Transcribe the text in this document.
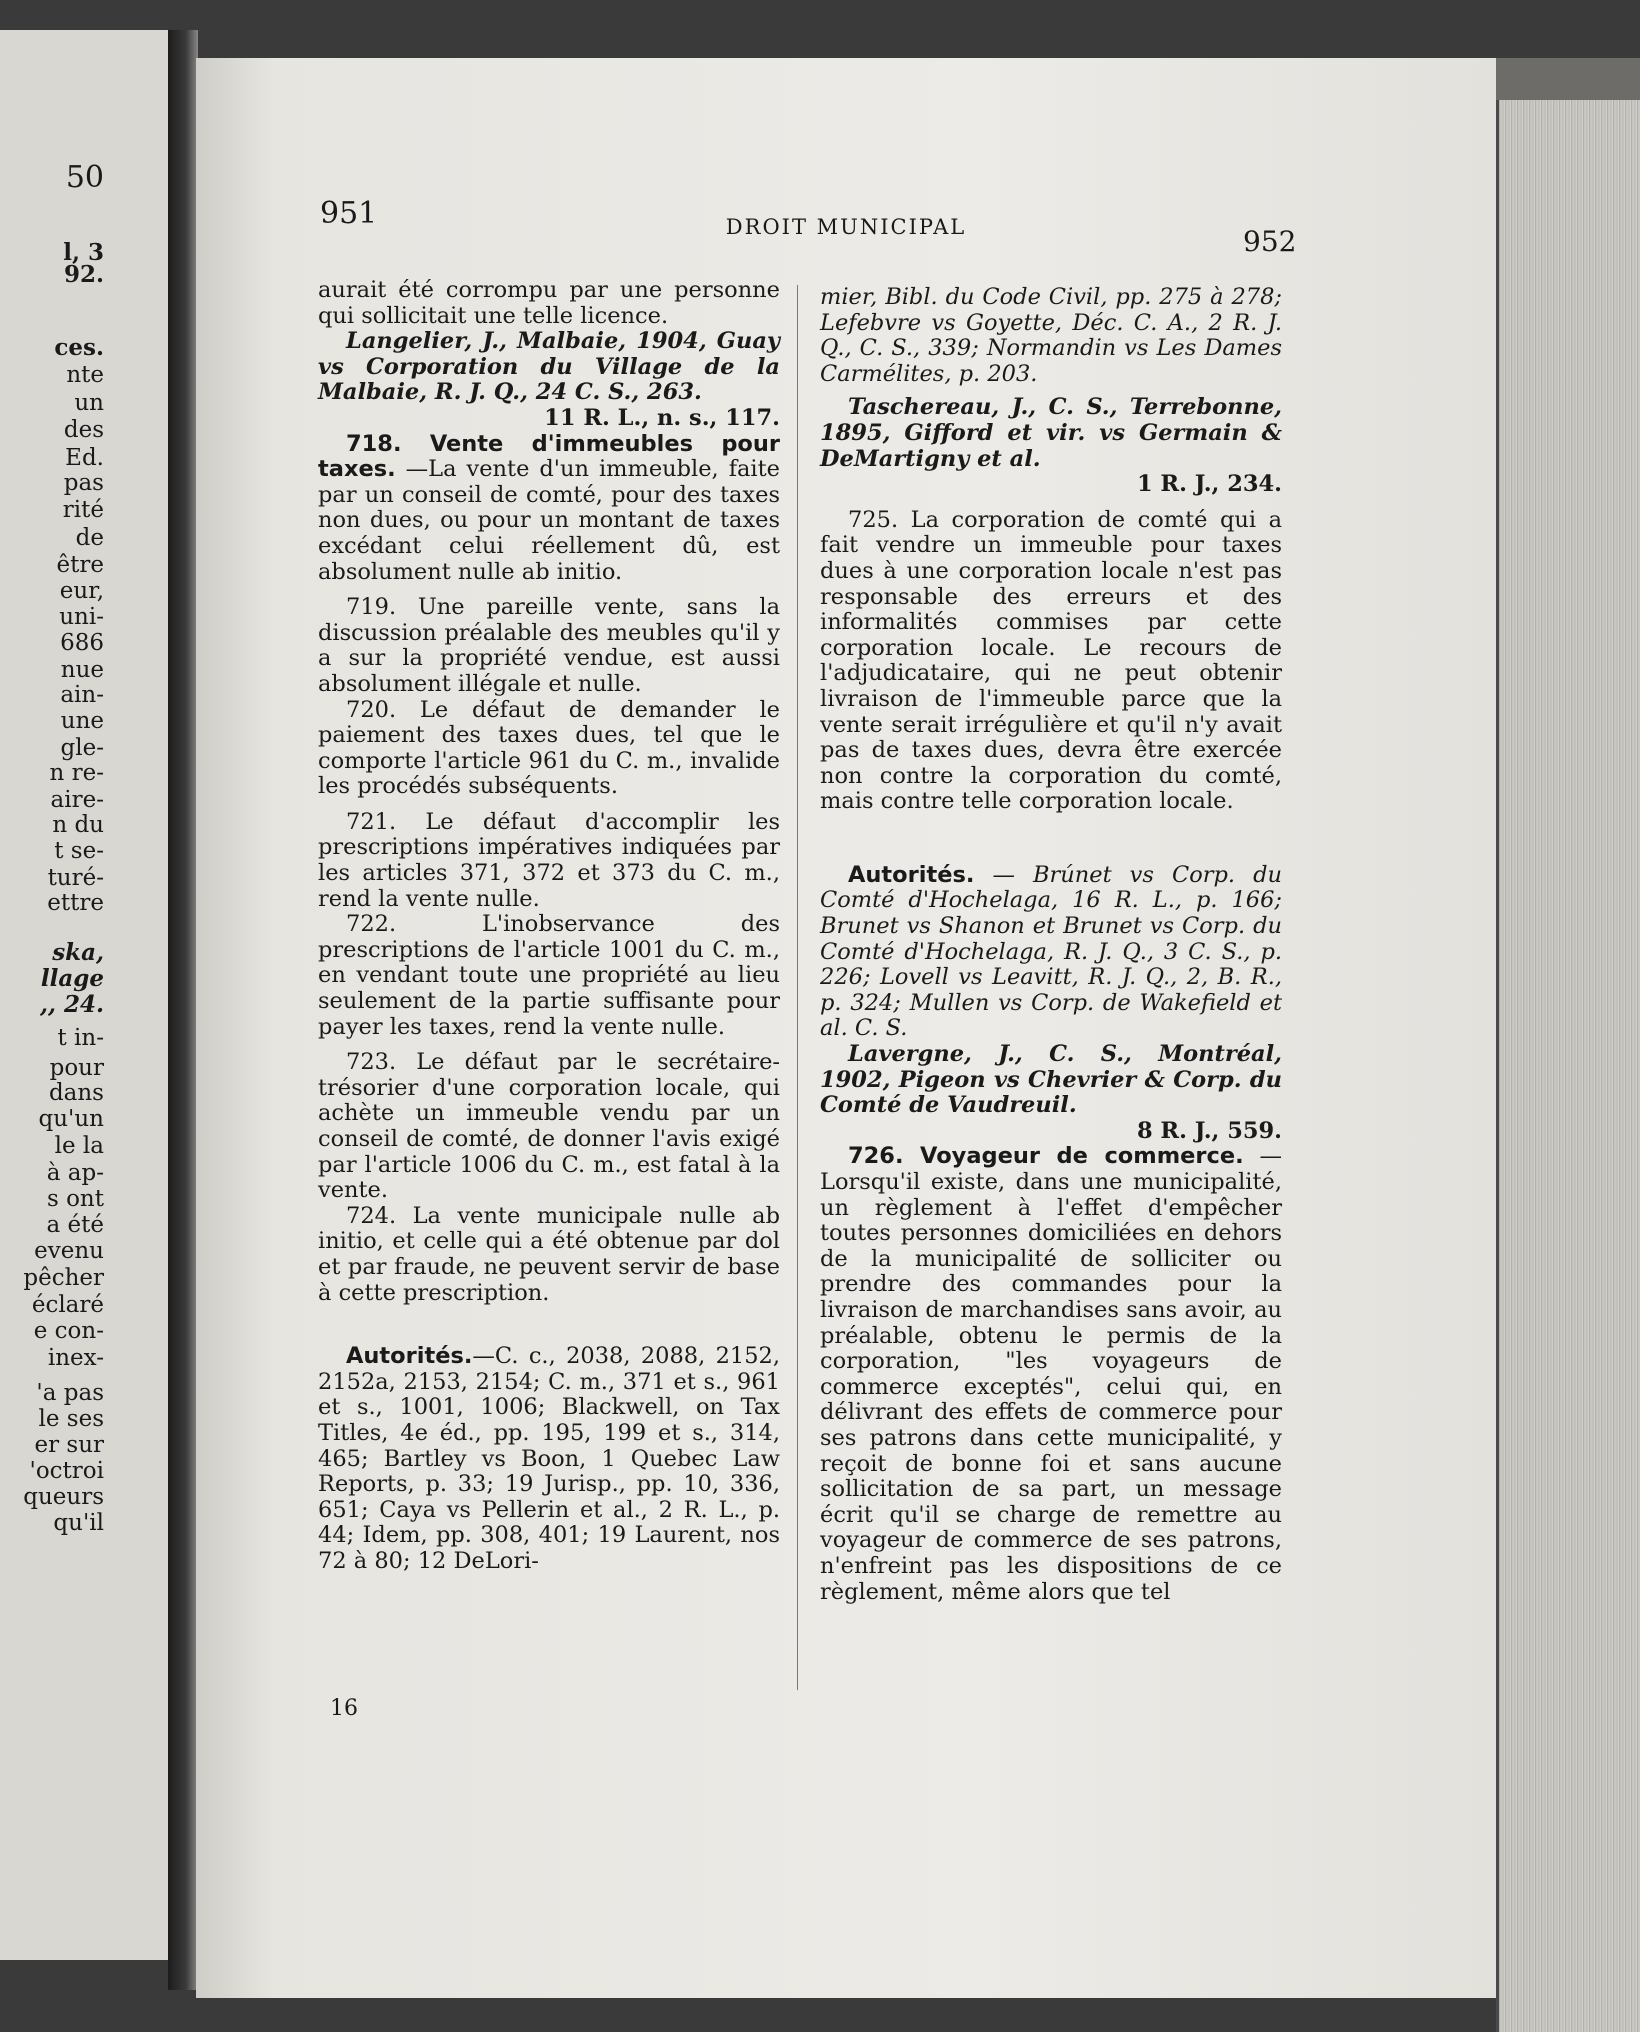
50
l, 3
92.
ces.
nte
un
des
Ed.
pas
rité
de
être
eur,
uni-
686
nue
ain-
une
gle-
n re-
aire-
n du
t se-
turé-
ettre
ska,
llage
,, 24.
t in-
pour
dans
qu'un
le la
à ap-
s ont
a été
evenu
pêcher
éclaré
e con-
inex-
'a pas
le ses
er sur
'octroi
queurs
qu'il
951	DROIT MUNICIPAL	952

aurait été corrompu par une personne qui sollicitait une telle licence.

Langelier, J., Malbaie, 1904, Guay vs Corporation du Village de la Malbaie, R. J. Q., 24 C. S., 263.

11 R. L., n. s., 117.

718. Vente d'immeubles pour taxes. —La vente d'un immeuble, faite par un conseil de comté, pour des taxes non dues, ou pour un montant de taxes excédant celui réellement dû, est absolument nulle ab initio.

719. Une pareille vente, sans la discussion préalable des meubles qu'il y a sur la propriété vendue, est aussi absolument illégale et nulle.

720. Le défaut de demander le paiement des taxes dues, tel que le comporte l'article 961 du C. m., invalide les procédés subséquents.

721. Le défaut d'accomplir les prescriptions impératives indiquées par les articles 371, 372 et 373 du C. m., rend la vente nulle.

722. L'inobservance des prescriptions de l'article 1001 du C. m., en vendant toute une propriété au lieu seulement de la partie suffisante pour payer les taxes, rend la vente nulle.

723. Le défaut par le secrétaire-trésorier d'une corporation locale, qui achète un immeuble vendu par un conseil de comté, de donner l'avis exigé par l'article 1006 du C. m., est fatal à la vente.

724. La vente municipale nulle ab initio, et celle qui a été obtenue par dol et par fraude, ne peuvent servir de base à cette prescription.

Autorités.—C. c., 2038, 2088, 2152, 2152a, 2153, 2154; C. m., 371 et s., 961 et s., 1001, 1006; Blackwell, on Tax Titles, 4e éd., pp. 195, 199 et s., 314, 465; Bartley vs Boon, 1 Quebec Law Reports, p. 33; 19 Jurisp., pp. 10, 336, 651; Caya vs Pellerin et al., 2 R. L., p. 44; Idem, pp. 308, 401; 19 Laurent, nos 72 à 80; 12 DeLori-

mier, Bibl. du Code Civil, pp. 275 à 278; Lefebvre vs Goyette, Déc. C. A., 2 R. J. Q., C. S., 339; Normandin vs Les Dames Carmélites, p. 203.

Taschereau, J., C. S., Terrebonne, 1895, Gifford et vir. vs Germain & DeMartigny et al.

1 R. J., 234.

725. La corporation de comté qui a fait vendre un immeuble pour taxes dues à une corporation locale n'est pas responsable des erreurs et des informalités commises par cette corporation locale. Le recours de l'adjudicataire, qui ne peut obtenir livraison de l'immeuble parce que la vente serait irrégulière et qu'il n'y avait pas de taxes dues, devra être exercée non contre la corporation du comté, mais contre telle corporation locale.

Autorités. — Brúnet vs Corp. du Comté d'Hochelaga, 16 R. L., p. 166; Brunet vs Shanon et Brunet vs Corp. du Comté d'Hochelaga, R. J. Q., 3 C. S., p. 226; Lovell vs Leavitt, R. J. Q., 2, B. R., p. 324; Mullen vs Corp. de Wakefield et al. C. S.

Lavergne, J., C. S., Montréal, 1902, Pigeon vs Chevrier & Corp. du Comté de Vaudreuil.

8 R. J., 559.

726. Voyageur de commerce. — Lorsqu'il existe, dans une municipalité, un règlement à l'effet d'empêcher toutes personnes domiciliées en dehors de la municipalité de solliciter ou prendre des commandes pour la livraison de marchandises sans avoir, au préalable, obtenu le permis de la corporation, "les voyageurs de commerce exceptés", celui qui, en délivrant des effets de commerce pour ses patrons dans cette municipalité, y reçoit de bonne foi et sans aucune sollicitation de sa part, un message écrit qu'il se charge de remettre au voyageur de commerce de ses patrons, n'enfreint pas les dispositions de ce règlement, même alors que tel

16
